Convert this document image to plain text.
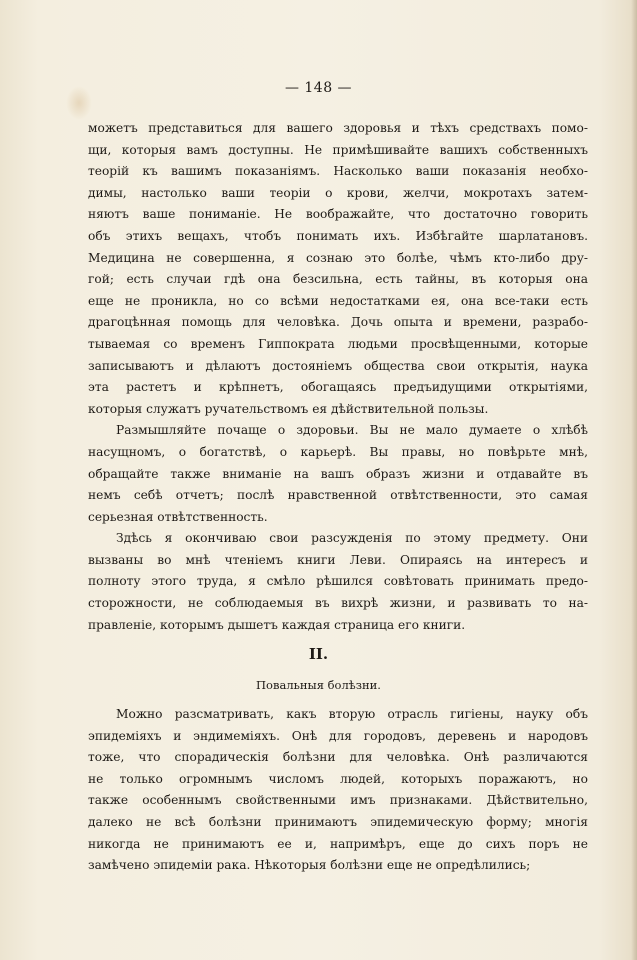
— 148 —
можетъ представиться для вашего здоровья и тѣхъ средствахъ помо-
щи, которыя вамъ доступны. Не примѣшивайте вашихъ собственныхъ
теорій къ вашимъ показаніямъ. Насколько ваши показанія необхо-
димы, настолько ваши теоріи о крови, желчи, мокротахъ затем-
няютъ ваше пониманіе. Не воображайте, что достаточно говорить
объ этихъ вещахъ, чтобъ понимать ихъ. Избѣгайте шарлатановъ.
Медицина не совершенна, я сознаю это болѣе, чѣмъ кто-либо дру-
гой; есть случаи гдѣ она безсильна, есть тайны, въ которыя она
еще не проникла, но со всѣми недостатками ея, она все-таки есть
драгоцѣнная помощь для человѣка. Дочь опыта и времени, разрабо-
тываемая со временъ Гиппократа людьми просвѣщенными, которые
записываютъ и дѣлаютъ достояніемъ общества свои открытія, наука
эта растетъ и крѣпнетъ, обогащаясь предъидущими открытіями,
которыя служатъ ручательствомъ ея дѣйствительной пользы.
Размышляйте почаще о здоровьи. Вы не мало думаете о хлѣбѣ
насущномъ, о богатствѣ, о карьерѣ. Вы правы, но повѣрьте мнѣ,
обращайте также вниманіе на вашъ образъ жизни и отдавайте въ
немъ себѣ отчетъ; послѣ нравственной отвѣтственности, это самая
серьезная отвѣтственность.
Здѣсь я окончиваю свои разсужденія по этому предмету. Они
вызваны во мнѣ чтеніемъ книги Леви. Опираясь на интересъ и
полноту этого труда, я смѣло рѣшился совѣтовать принимать предо-
сторожности, не соблюдаемыя въ вихрѣ жизни, и развивать то на-
правленіе, которымъ дышетъ каждая страница его книги.
II.
Повальныя болѣзни.
Можно разсматривать, какъ вторую отрасль гигіены, науку объ
эпидеміяхъ и эндимеміяхъ. Онѣ для городовъ, деревень и народовъ
тоже, что спорадическія болѣзни для человѣка. Онѣ различаются
не только огромнымъ числомъ людей, которыхъ поражаютъ, но
также особеннымъ свойственными имъ признаками. Дѣйствительно,
далеко не всѣ болѣзни принимаютъ эпидемическую форму; многія
никогда не принимаютъ ее и, напримѣръ, еще до сихъ поръ не
замѣчено эпидеміи рака. Нѣкоторыя болѣзни еще не опредѣлились;
